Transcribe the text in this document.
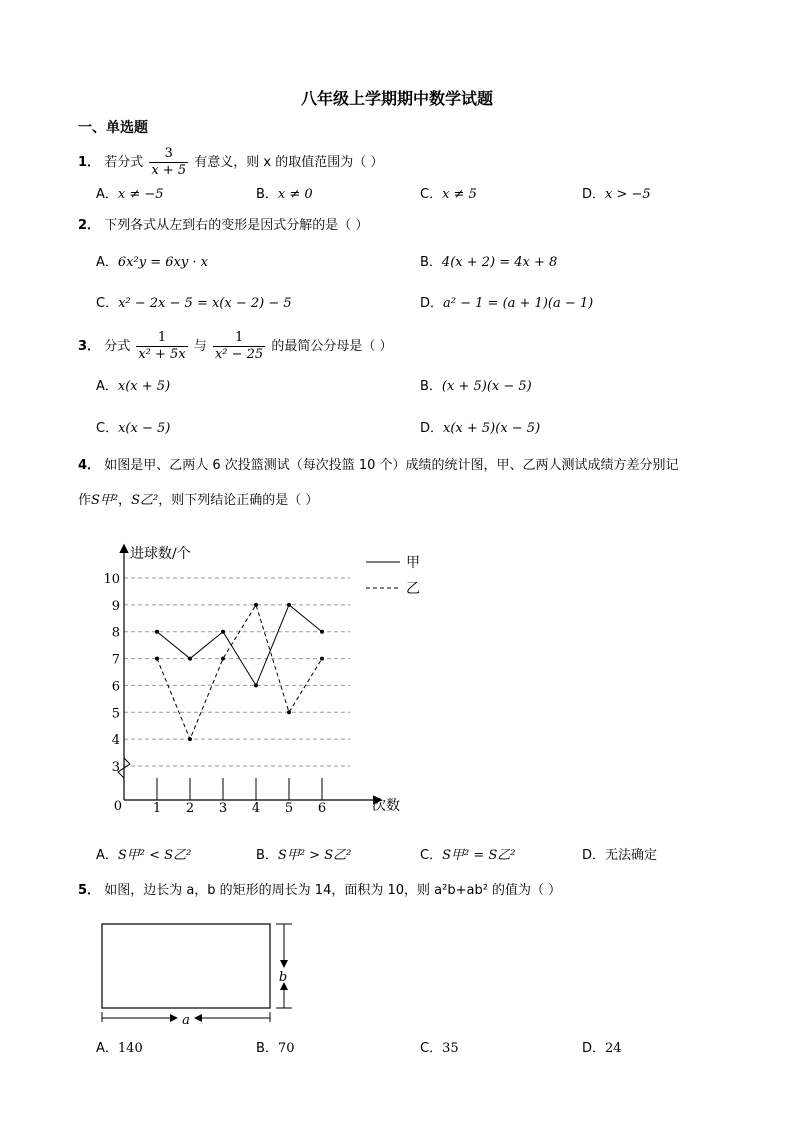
八年级上学期期中数学试题
一、单选题
1． 若分式 $\frac{3}{x + 5}$ 有意义，则 x 的取值范围为（ ）
A．x ≠ −5	B．x ≠ 0	C．x ≠ 5	D．x > −5
2． 下列各式从左到右的变形是因式分解的是（ ）
A．6x²y = 6xy · x	B．4(x + 2) = 4x + 8
C．x² − 2x − 5 = x(x − 2) − 5	D．a² − 1 = (a + 1)(a − 1)
3． 分式 $\frac{1}{\text{x² + 5x}}$ 与 $\frac{1}{\text{x² − 25}}$ 的最简公分母是（ ）
A．x(x + 5)	B．(x + 5)(x − 5)
C．x(x − 5)	D．x(x + 5)(x − 5)
4． 如图是甲、乙两人 6 次投篮测试（每次投篮 10 个）成绩的统计图，甲、乙两人测试成绩方差分别记
作S甲²，S乙²，则下列结论正确的是（ ）
3
4
5
6
7
8
9
10
1 2 3 4 5 6
进球数/个
次数
0
甲
乙
A．S甲² < S乙²	B．S甲² > S乙²	C．S甲² = S乙²	D．无法确定
5． 如图，边长为 a，b 的矩形的周长为 14，面积为 10，则 a²b+ab² 的值为（ ）
a
b
A．140	B．70	C．35	D．24
